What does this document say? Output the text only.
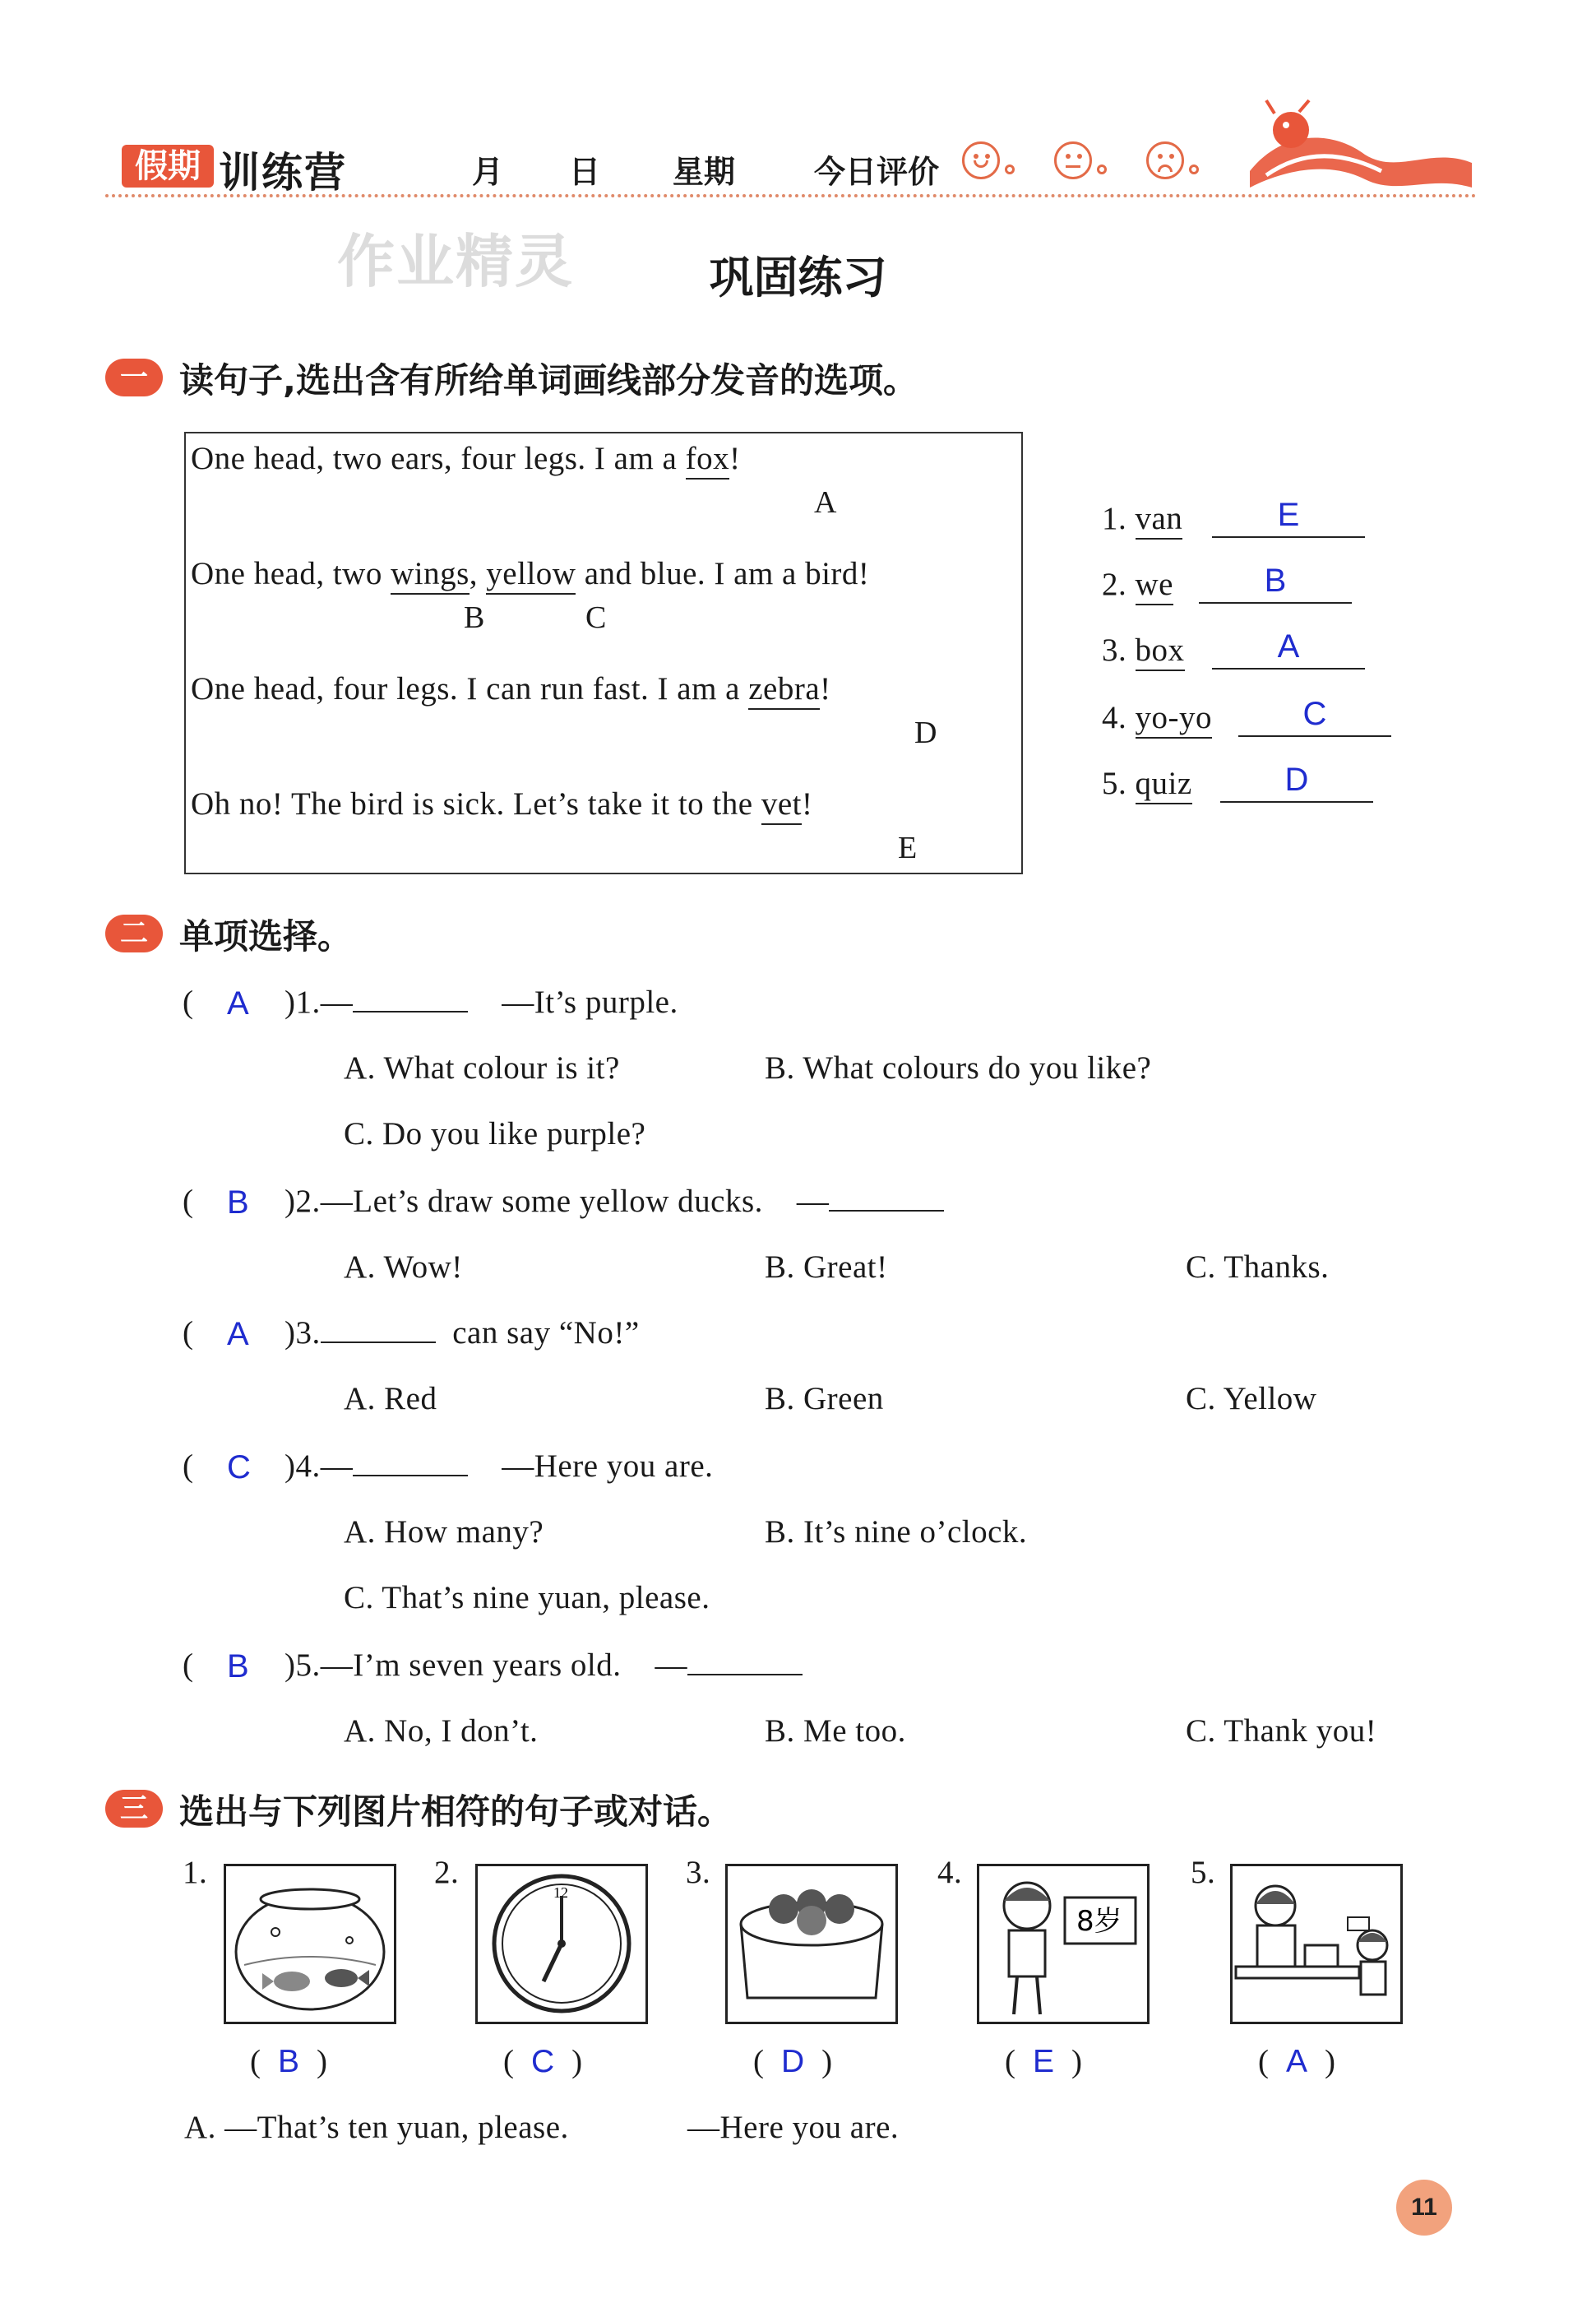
假期 训练营	月 日 星期	今日评价
作业精灵	巩固练习
一 读句子,选出含有所给单词画线部分发音的选项。
One head, two ears, four legs. I am a fox!
A
One head, two wings, yellow and blue. I am a bird!
B	C
One head, four legs. I can run fast. I am a zebra!
D
Oh no! The bird is sick. Let’s take it to the vet!
E
1. van	E
2. we	B
3. box	A
4. yo-yo	C
5. quiz	D
二 单项选择。
( A )1.—	—It’s purple.
A. What colour is it?	B. What colours do you like?
C. Do you like purple?
( B )2.—Let’s draw some yellow ducks. —
A. Wow!	B. Great!	C. Thanks.
( A )3.	can say “No!”
A. Red	B. Green	C. Yellow
( C )4.—	—Here you are.
A. How many?	B. It’s nine o’clock.
C. That’s nine yuan, please.
( B )5.—I’m seven years old. —
A. No, I don’t.	B. Me too.	C. Thank you!
三 选出与下列图片相符的句子或对话。
1.	2.	3.	4.	5.
12
8岁
(  B  )	(  C  )	(  D  )	(  E  )	(  A  )
A. —That’s ten yuan, please.	—Here you are.
11
